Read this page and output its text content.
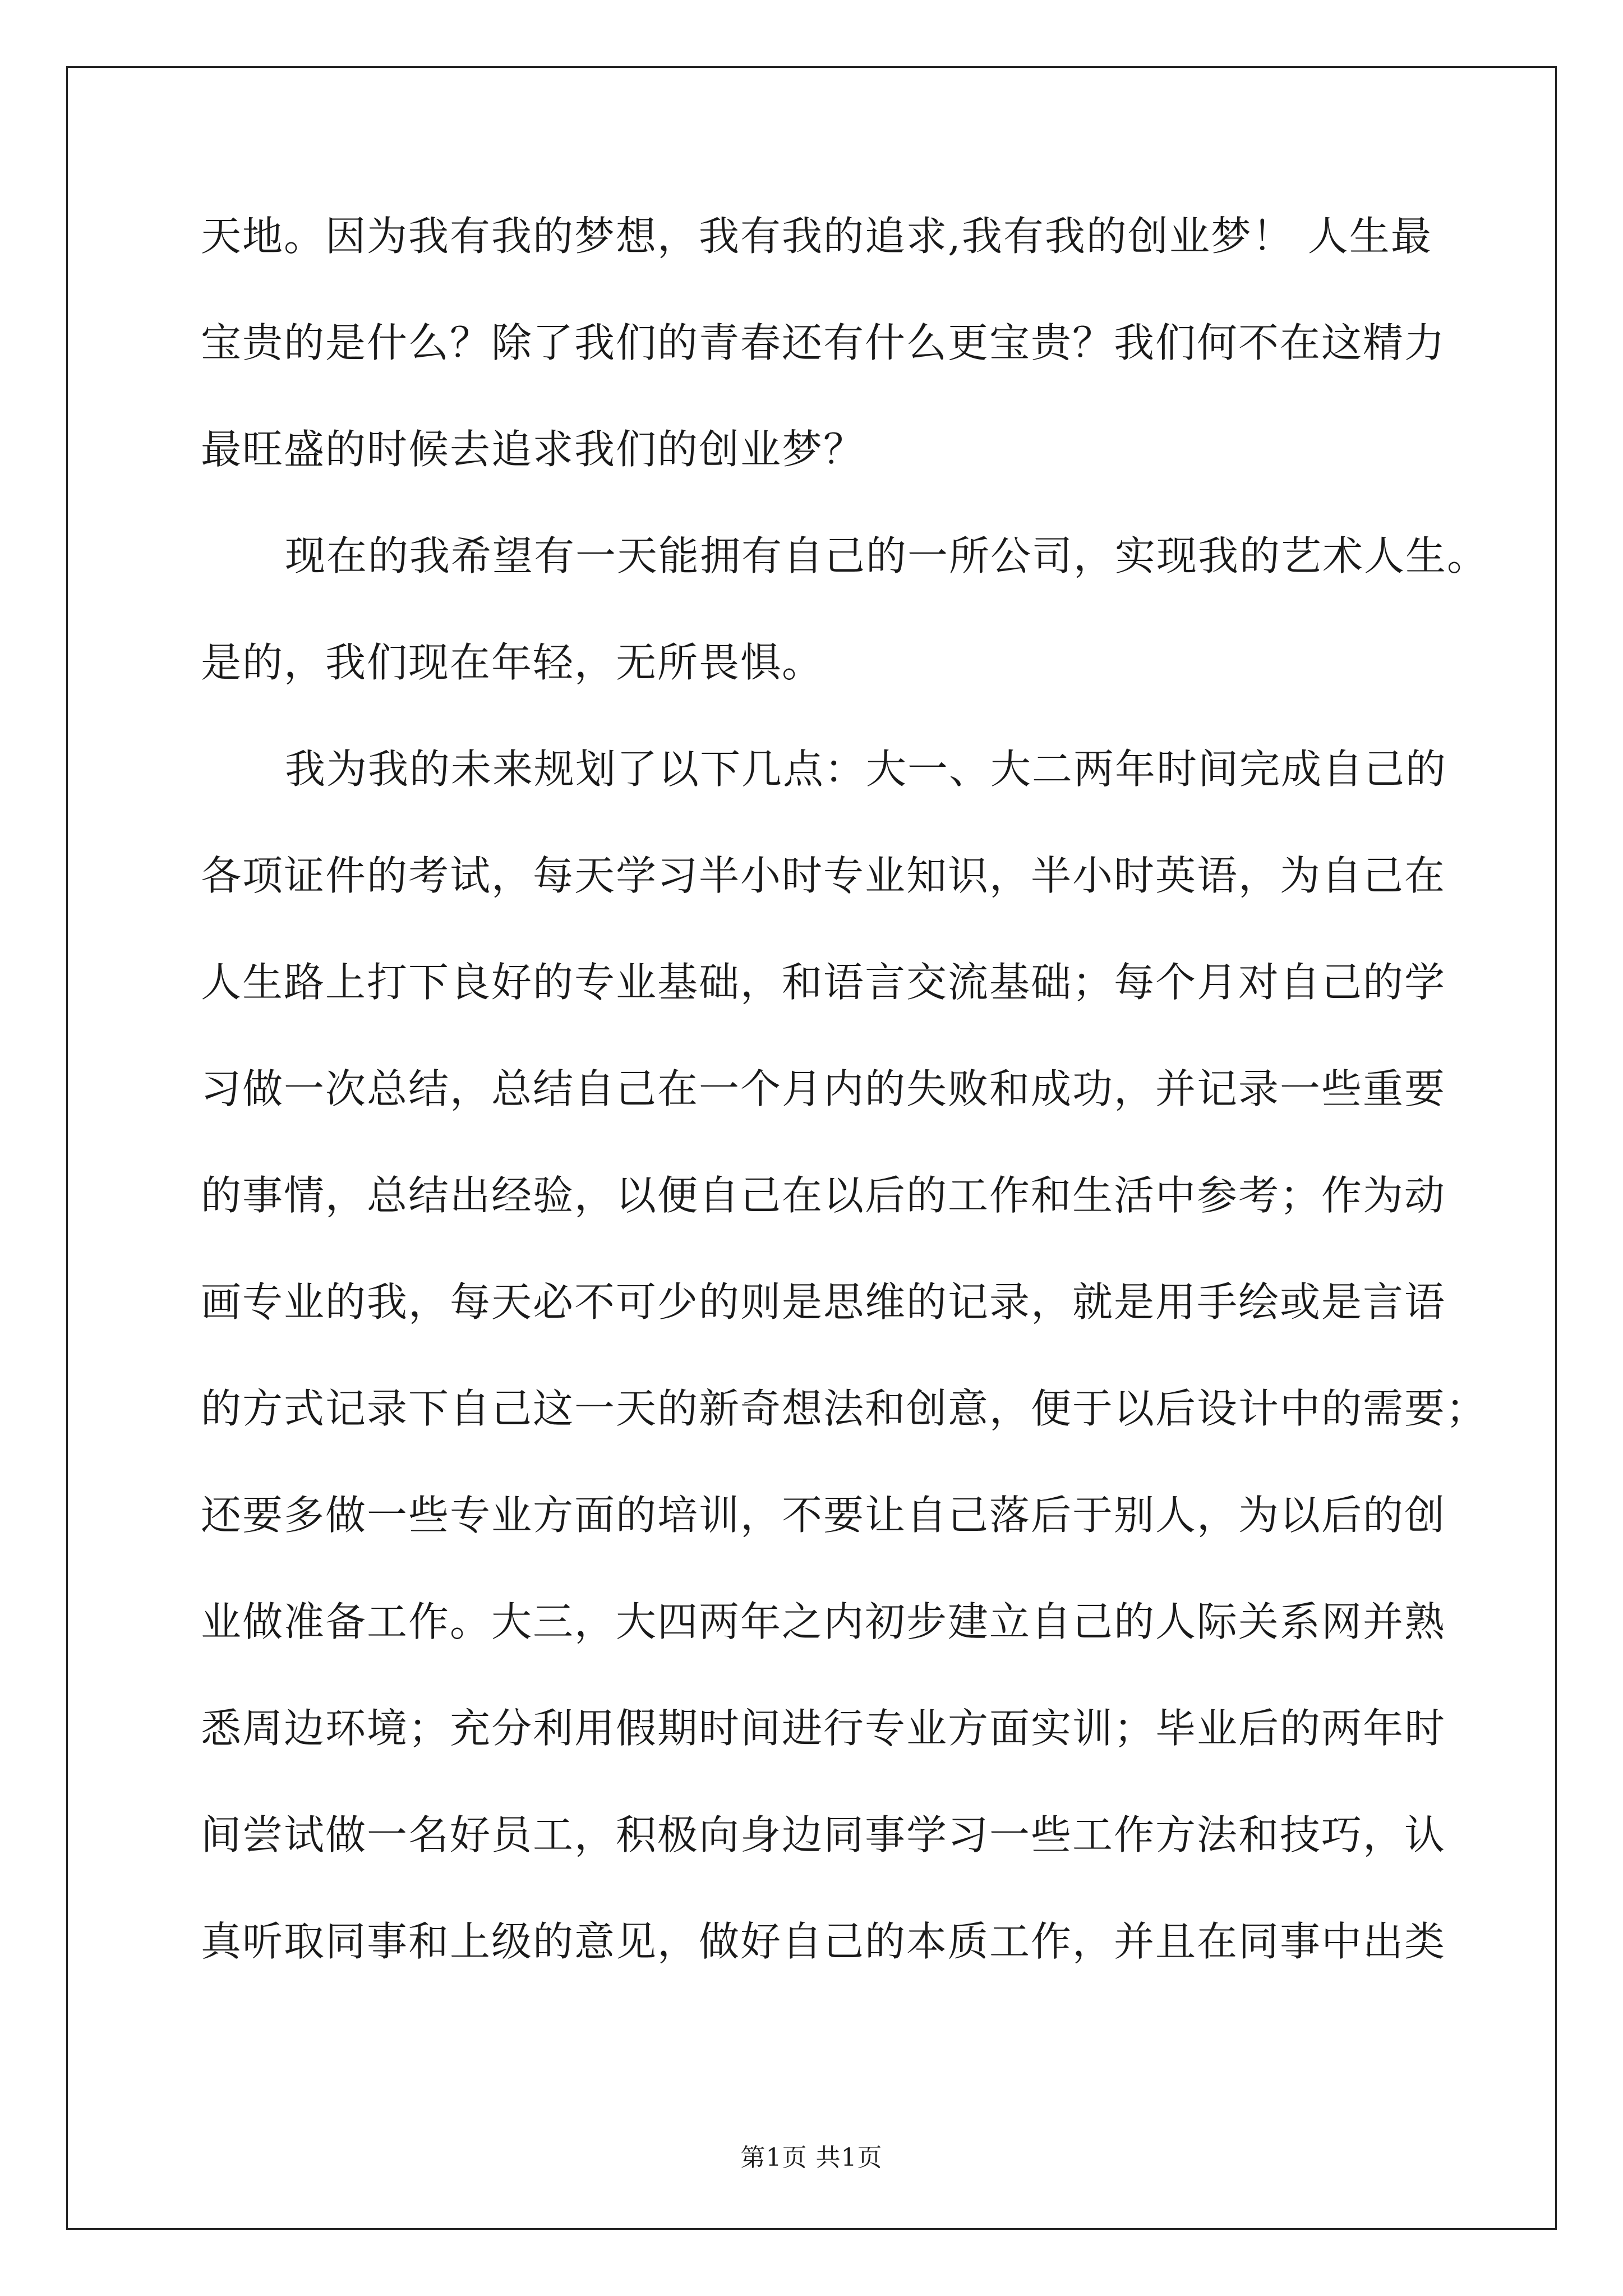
天地。因为我有我的梦想，我有我的追求,我有我的创业梦！ 人生最
宝贵的是什么？除了我们的青春还有什么更宝贵？我们何不在这精力
最旺盛的时候去追求我们的创业梦？
现在的我希望有一天能拥有自己的一所公司，实现我的艺术人生。
是的，我们现在年轻，无所畏惧。
我为我的未来规划了以下几点：大一、大二两年时间完成自己的
各项证件的考试，每天学习半小时专业知识，半小时英语，为自己在
人生路上打下良好的专业基础，和语言交流基础；每个月对自己的学
习做一次总结，总结自己在一个月内的失败和成功，并记录一些重要
的事情，总结出经验，以便自己在以后的工作和生活中参考；作为动
画专业的我，每天必不可少的则是思维的记录，就是用手绘或是言语
的方式记录下自己这一天的新奇想法和创意，便于以后设计中的需要；
还要多做一些专业方面的培训，不要让自己落后于别人，为以后的创
业做准备工作。大三，大四两年之内初步建立自己的人际关系网并熟
悉周边环境；充分利用假期时间进行专业方面实训；毕业后的两年时
间尝试做一名好员工，积极向身边同事学习一些工作方法和技巧，认
真听取同事和上级的意见，做好自己的本质工作，并且在同事中出类
第1页 共1页
